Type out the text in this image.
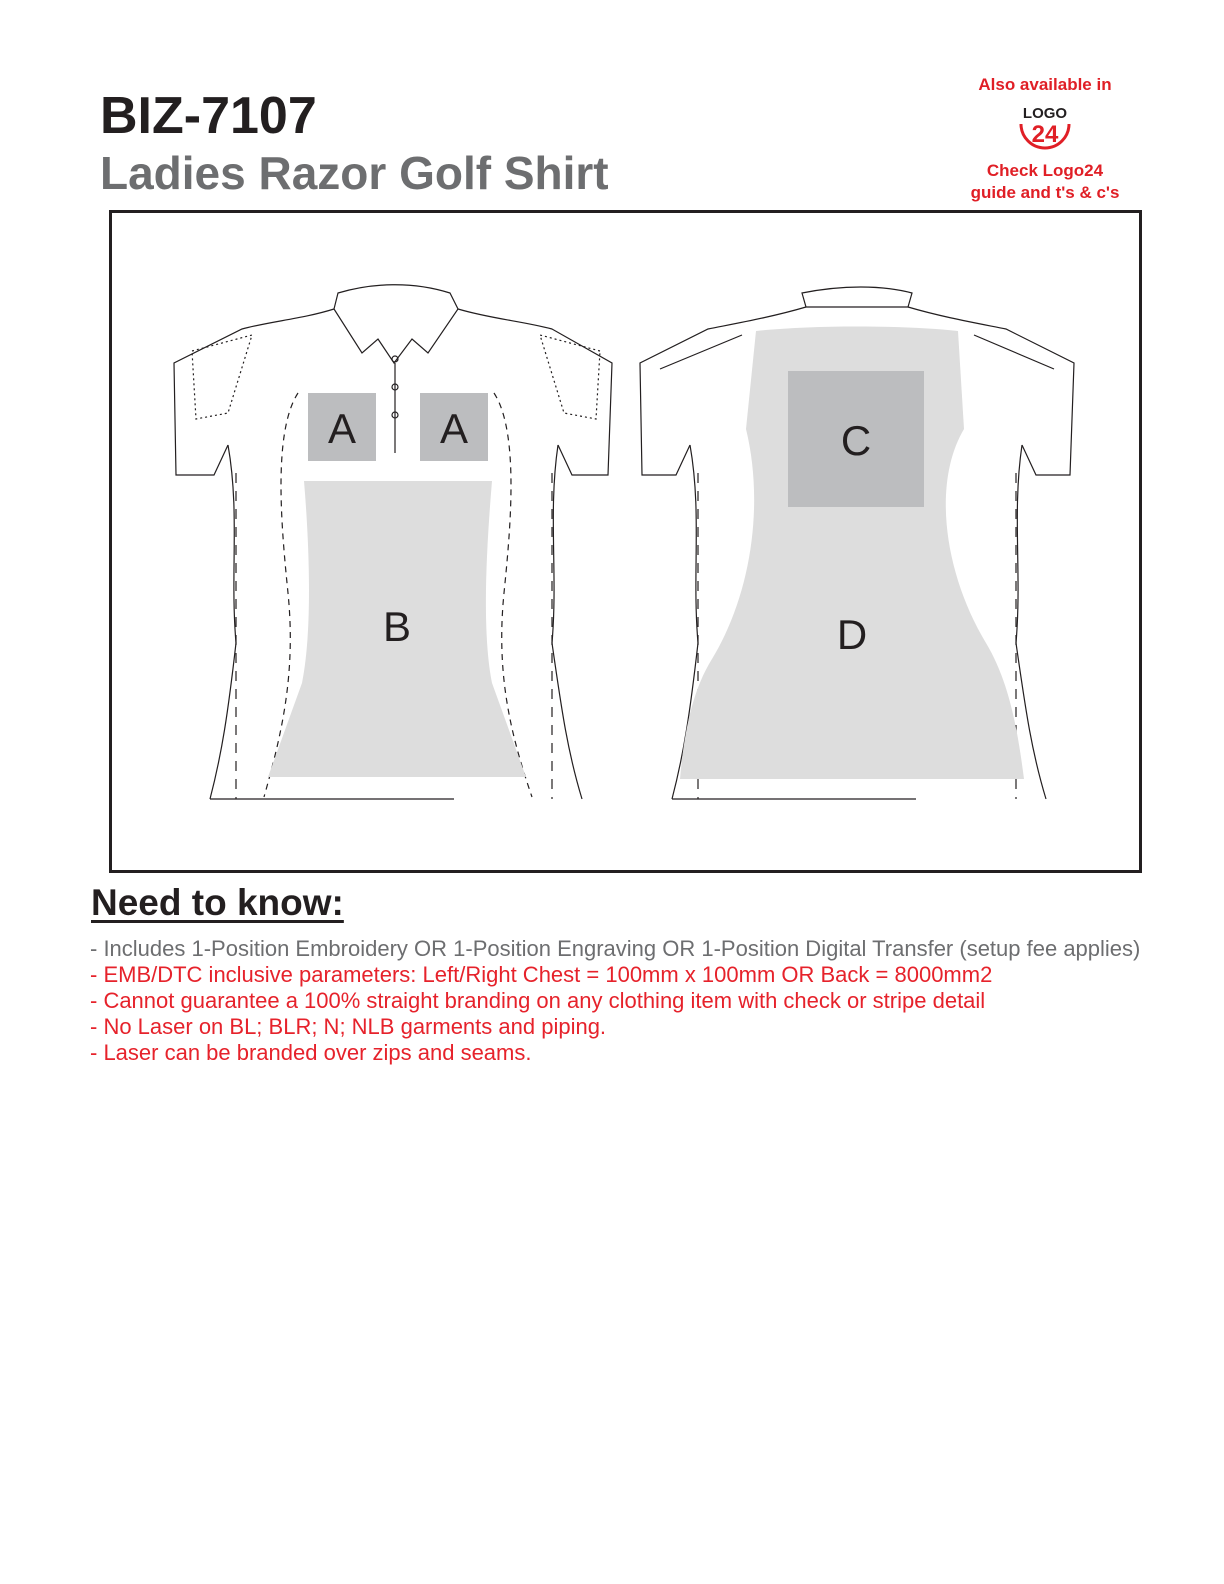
BIZ-7107
Ladies Razor Golf Shirt
Also available in
LOGO
24
Check Logo24
guide and t's & c's
A A
B
C
D
Need to know:
- Includes 1-Position Embroidery OR 1-Position Engraving OR 1-Position Digital Transfer (setup fee applies)
- EMB/DTC inclusive parameters: Left/Right Chest = 100mm x 100mm OR Back = 8000mm2
- Cannot guarantee a 100% straight branding on any clothing item with check or stripe detail
- No Laser on BL; BLR; N; NLB garments and piping.
- Laser can be branded over zips and seams.
